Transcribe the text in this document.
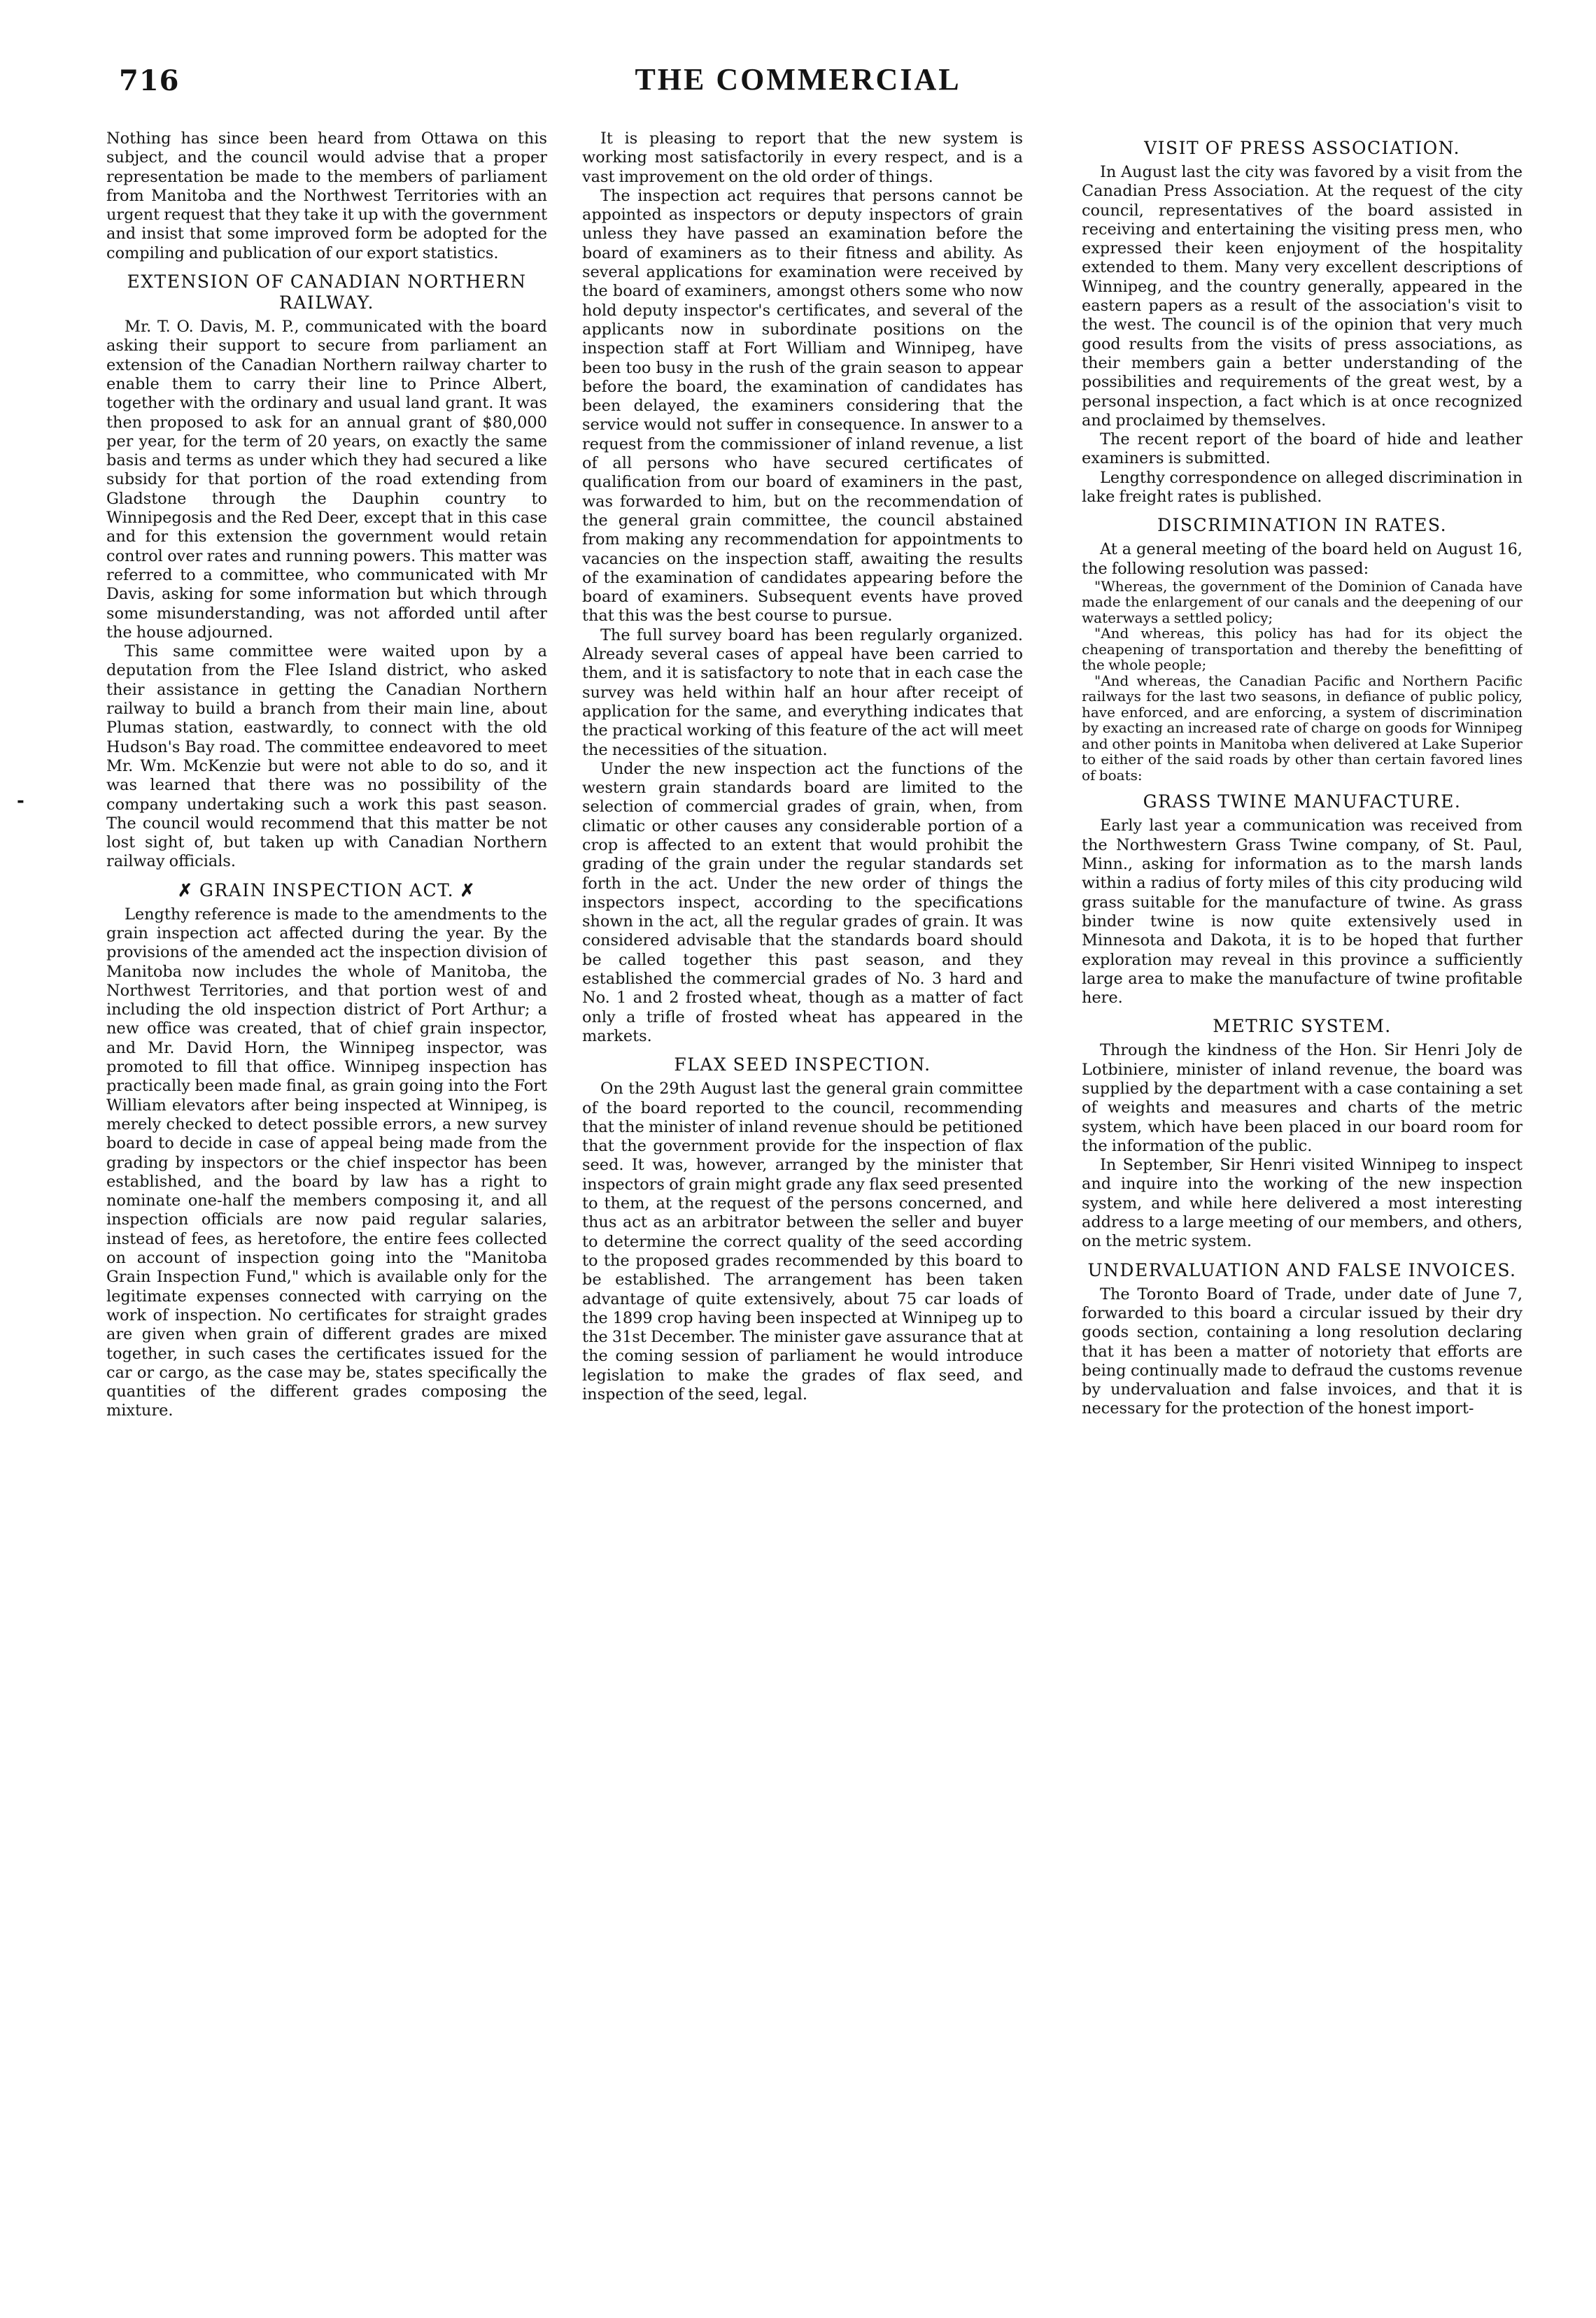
716	THE COMMERCIAL
-

Nothing has since been heard from Ottawa on this subject, and the council would advise that a proper representation be made to the members of parliament from Manitoba and the Northwest Territories with an urgent request that they take it up with the government and insist that some improved form be adopted for the compiling and publication of our export statistics.

EXTENSION OF CANADIAN NORTHERN RAILWAY.

Mr. T. O. Davis, M. P., communicated with the board asking their support to secure from parliament an extension of the Canadian Northern railway charter to enable them to carry their line to Prince Albert, together with the ordinary and usual land grant. It was then proposed to ask for an annual grant of $80,000 per year, for the term of 20 years, on exactly the same basis and terms as under which they had secured a like subsidy for that portion of the road extending from Gladstone through the Dauphin country to Winnipegosis and the Red Deer, except that in this case and for this extension the government would retain control over rates and running powers. This matter was referred to a committee, who communicated with Mr Davis, asking for some information but which through some misunderstanding, was not afforded until after the house adjourned.

This same committee were waited upon by a deputation from the Flee Island district, who asked their assistance in getting the Canadian Northern railway to build a branch from their main line, about Plumas station, eastwardly, to connect with the old Hudson's Bay road. The committee endeavored to meet Mr. Wm. McKenzie but were not able to do so, and it was learned that there was no possibility of the company undertaking such a work this past season. The council would recommend that this matter be not lost sight of, but taken up with Canadian Northern railway officials.

✗ GRAIN INSPECTION ACT. ✗

Lengthy reference is made to the amendments to the grain inspection act affected during the year. By the provisions of the amended act the inspection division of Manitoba now includes the whole of Manitoba, the Northwest Territories, and that portion west of and including the old inspection district of Port Arthur; a new office was created, that of chief grain inspector, and Mr. David Horn, the Winnipeg inspector, was promoted to fill that office. Winnipeg inspection has practically been made final, as grain going into the Fort William elevators after being inspected at Winnipeg, is merely checked to detect possible errors, a new survey board to decide in case of appeal being made from the grading by inspectors or the chief inspector has been established, and the board by law has a right to nominate one-half the members composing it, and all inspection officials are now paid regular salaries, instead of fees, as heretofore, the entire fees collected on account of inspection going into the "Manitoba Grain Inspection Fund," which is available only for the legitimate expenses connected with carrying on the work of inspection. No certificates for straight grades are given when grain of different grades are mixed together, in such cases the certificates issued for the car or cargo, as the case may be, states specifically the quantities of the different grades composing the mixture.

It is pleasing to report that the new system is working most satisfactorily in every respect, and is a vast improvement on the old order of things.

The inspection act requires that persons cannot be appointed as inspectors or deputy inspectors of grain unless they have passed an examination before the board of examiners as to their fitness and ability. As several applications for examination were received by the board of examiners, amongst others some who now hold deputy inspector's certificates, and several of the applicants now in subordinate positions on the inspection staff at Fort William and Winnipeg, have been too busy in the rush of the grain season to appear before the board, the examination of candidates has been delayed, the examiners considering that the service would not suffer in consequence. In answer to a request from the commissioner of inland revenue, a list of all persons who have secured certificates of qualification from our board of examiners in the past, was forwarded to him, but on the recommendation of the general grain committee, the council abstained from making any recommendation for appointments to vacancies on the inspection staff, awaiting the results of the examination of candidates appearing before the board of examiners. Subsequent events have proved that this was the best course to pursue.

The full survey board has been regularly organized. Already several cases of appeal have been carried to them, and it is satisfactory to note that in each case the survey was held within half an hour after receipt of application for the same, and everything indicates that the practical working of this feature of the act will meet the necessities of the situation.

Under the new inspection act the functions of the western grain standards board are limited to the selection of commercial grades of grain, when, from climatic or other causes any considerable portion of a crop is affected to an extent that would prohibit the grading of the grain under the regular standards set forth in the act. Under the new order of things the inspectors inspect, according to the specifications shown in the act, all the regular grades of grain. It was considered advisable that the standards board should be called together this past season, and they established the commercial grades of No. 3 hard and No. 1 and 2 frosted wheat, though as a matter of fact only a trifle of frosted wheat has appeared in the markets.

FLAX SEED INSPECTION.

On the 29th August last the general grain committee of the board reported to the council, recommending that the minister of inland revenue should be petitioned that the government provide for the inspection of flax seed. It was, however, arranged by the minister that inspectors of grain might grade any flax seed presented to them, at the request of the persons concerned, and thus act as an arbitrator between the seller and buyer to determine the correct quality of the seed according to the proposed grades recommended by this board to be established. The arrangement has been taken advantage of quite extensively, about 75 car loads of the 1899 crop having been inspected at Winnipeg up to the 31st December. The minister gave assurance that at the coming session of parliament he would introduce legislation to make the grades of flax seed, and inspection of the seed, legal.

VISIT OF PRESS ASSOCIATION.

In August last the city was favored by a visit from the Canadian Press Association. At the request of the city council, representatives of the board assisted in receiving and entertaining the visiting press men, who expressed their keen enjoyment of the hospitality extended to them. Many very excellent descriptions of Winnipeg, and the country generally, appeared in the eastern papers as a result of the association's visit to the west. The council is of the opinion that very much good results from the visits of press associations, as their members gain a better understanding of the possibilities and requirements of the great west, by a personal inspection, a fact which is at once recognized and proclaimed by themselves.

The recent report of the board of hide and leather examiners is submitted.

Lengthy correspondence on alleged discrimination in lake freight rates is published.

DISCRIMINATION IN RATES.

At a general meeting of the board held on August 16, the following resolution was passed:

"Whereas, the government of the Dominion of Canada have made the enlargement of our canals and the deepening of our waterways a settled policy;

"And whereas, this policy has had for its object the cheapening of transportation and thereby the benefitting of the whole people;

"And whereas, the Canadian Pacific and Northern Pacific railways for the last two seasons, in defiance of public policy, have enforced, and are enforcing, a system of discrimination by exacting an increased rate of charge on goods for Winnipeg and other points in Manitoba when delivered at Lake Superior to either of the said roads by other than certain favored lines of boats:

GRASS TWINE MANUFACTURE.

Early last year a communication was received from the Northwestern Grass Twine company, of St. Paul, Minn., asking for information as to the marsh lands within a radius of forty miles of this city producing wild grass suitable for the manufacture of twine. As grass binder twine is now quite extensively used in Minnesota and Dakota, it is to be hoped that further exploration may reveal in this province a sufficiently large area to make the manufacture of twine profitable here.

METRIC SYSTEM.

Through the kindness of the Hon. Sir Henri Joly de Lotbiniere, minister of inland revenue, the board was supplied by the department with a case containing a set of weights and measures and charts of the metric system, which have been placed in our board room for the information of the public.

In September, Sir Henri visited Winnipeg to inspect and inquire into the working of the new inspection system, and while here delivered a most interesting address to a large meeting of our members, and others, on the metric system.

UNDERVALUATION AND FALSE INVOICES.

The Toronto Board of Trade, under date of June 7, forwarded to this board a circular issued by their dry goods section, containing a long resolution declaring that it has been a matter of notoriety that efforts are being continually made to defraud the customs revenue by undervaluation and false invoices, and that it is necessary for the protection of the honest import-
